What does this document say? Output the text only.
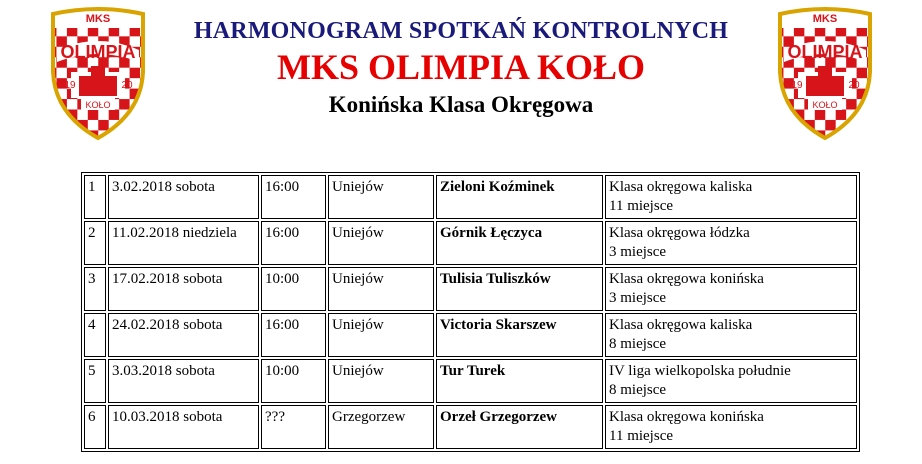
MKS
OLIMPIA
19	20
KOŁO
HARMONOGRAM SPOTKAŃ KONTROLNYCH
MKS OLIMPIA KOŁO
Konińska Klasa Okręgowa
MKS
OLIMPIA
19	20
KOŁO
1	3.02.2018 sobota	16:00	Uniejów	Zieloni Koźminek	Klasa okręgowa kaliska
11 miejsce
2	11.02.2018 niedziela	16:00	Uniejów	Górnik Łęczyca	Klasa okręgowa łódzka
3 miejsce
3	17.02.2018 sobota	10:00	Uniejów	Tulisia Tuliszków	Klasa okręgowa konińska
3 miejsce
4	24.02.2018 sobota	16:00	Uniejów	Victoria Skarszew	Klasa okręgowa kaliska
8 miejsce
5	3.03.2018 sobota	10:00	Uniejów	Tur Turek	IV liga wielkopolska południe
8 miejsce
6	10.03.2018 sobota	???	Grzegorzew	Orzeł Grzegorzew	Klasa okręgowa konińska
11 miejsce
